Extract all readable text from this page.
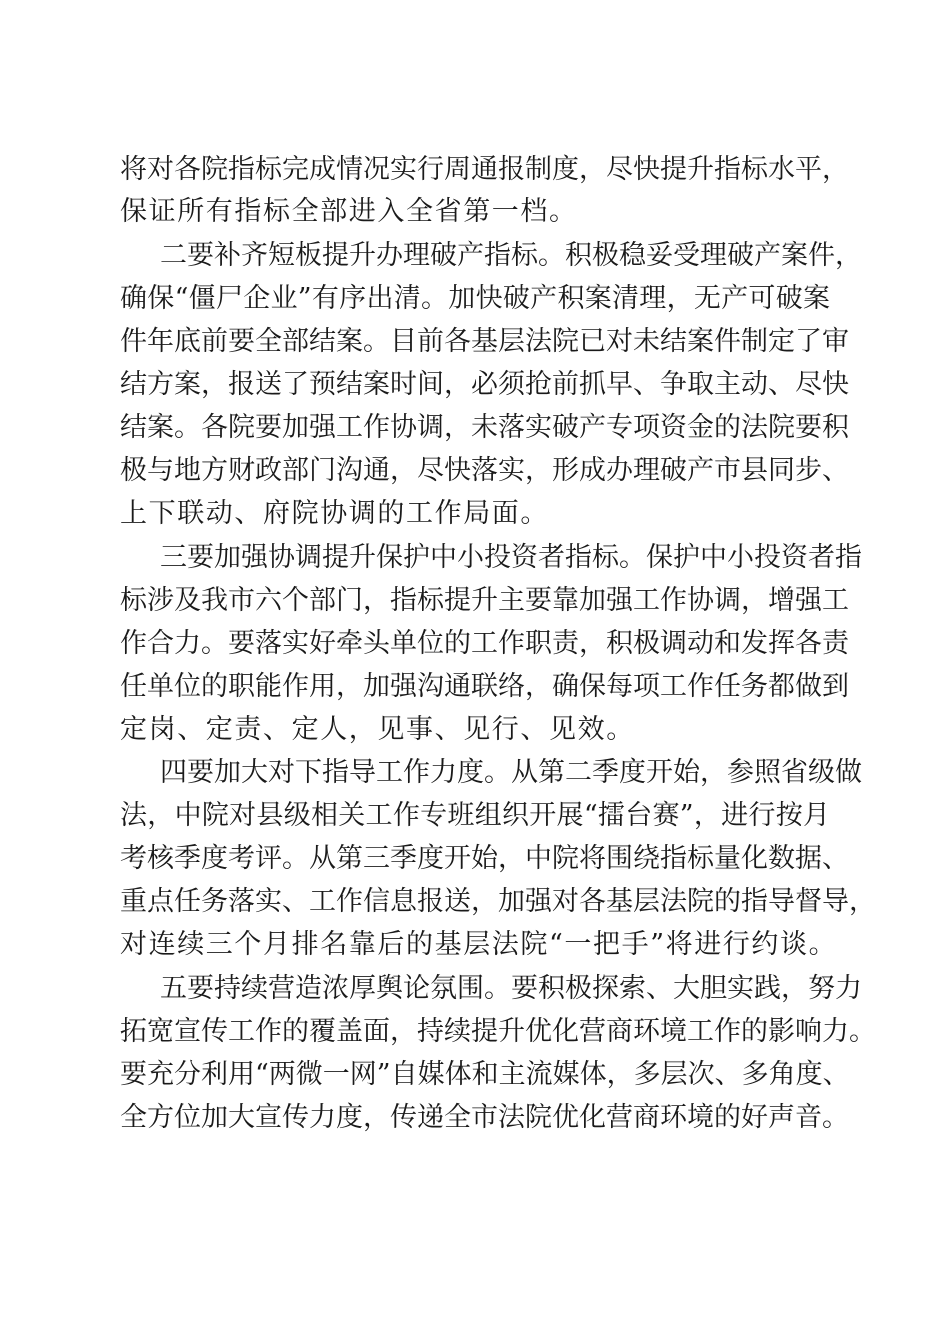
将对各院指标完成情况实行周通报制度，尽快提升指标水平，
保证所有指标全部进入全省第一档。
二要补齐短板提升办理破产指标。积极稳妥受理破产案件，
确保“僵尸企业”有序出清。加快破产积案清理，无产可破案
件年底前要全部结案。目前各基层法院已对未结案件制定了审
结方案，报送了预结案时间，必须抢前抓早、争取主动、尽快
结案。各院要加强工作协调，未落实破产专项资金的法院要积
极与地方财政部门沟通，尽快落实，形成办理破产市县同步、
上下联动、府院协调的工作局面。
三要加强协调提升保护中小投资者指标。保护中小投资者指
标涉及我市六个部门，指标提升主要靠加强工作协调，增强工
作合力。要落实好牵头单位的工作职责，积极调动和发挥各责
任单位的职能作用，加强沟通联络，确保每项工作任务都做到
定岗、定责、定人，见事、见行、见效。
四要加大对下指导工作力度。从第二季度开始，参照省级做
法，中院对县级相关工作专班组织开展“擂台赛”，进行按月
考核季度考评。从第三季度开始，中院将围绕指标量化数据、
重点任务落实、工作信息报送，加强对各基层法院的指导督导，
对连续三个月排名靠后的基层法院“一把手”将进行约谈。
五要持续营造浓厚舆论氛围。要积极探索、大胆实践，努力
拓宽宣传工作的覆盖面，持续提升优化营商环境工作的影响力。
要充分利用“两微一网”自媒体和主流媒体，多层次、多角度、
全方位加大宣传力度，传递全市法院优化营商环境的好声音。
